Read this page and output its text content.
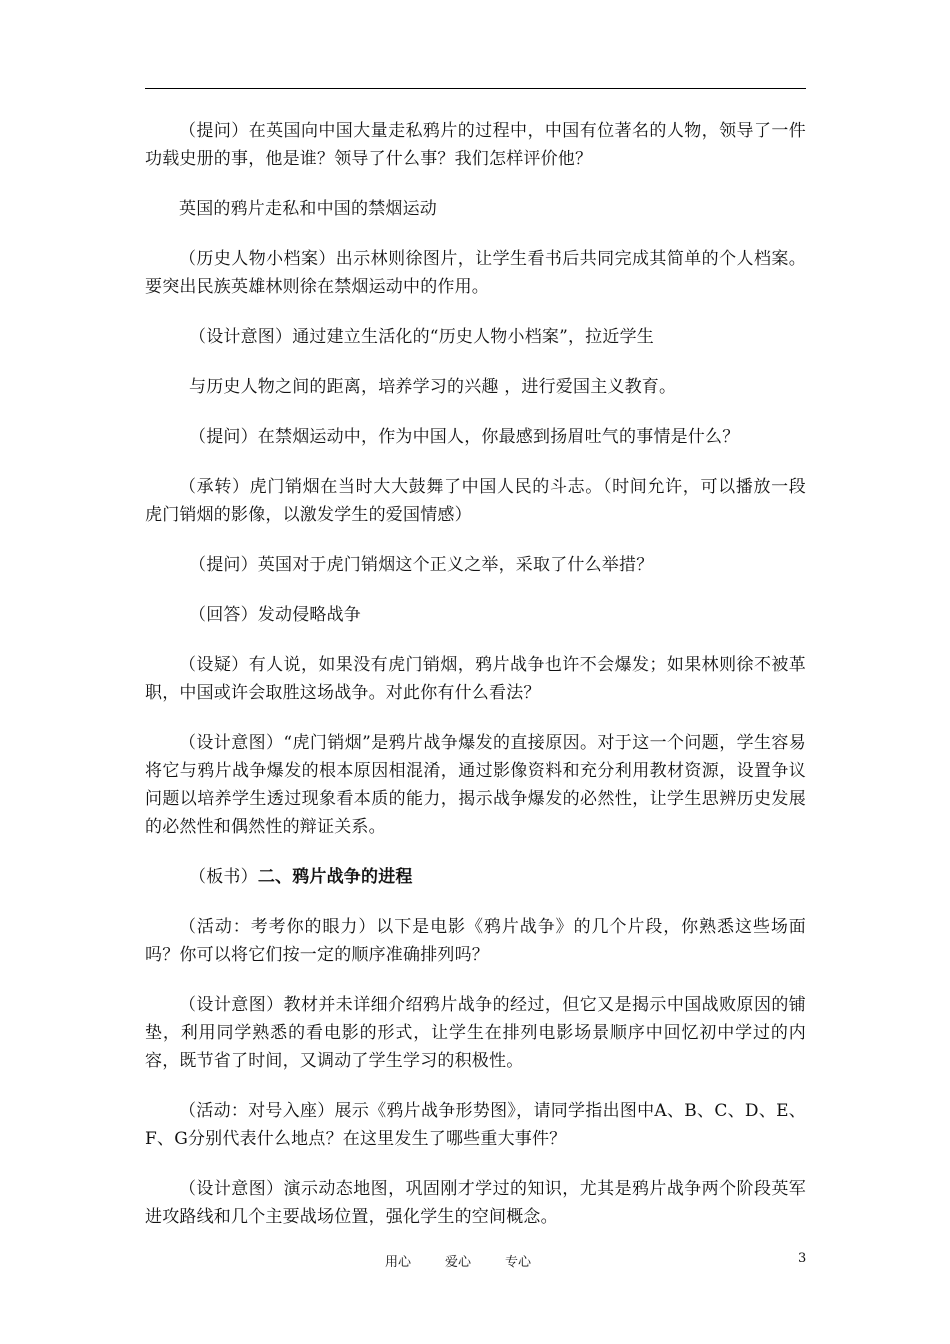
（提问）在英国向中国大量走私鸦片的过程中，中国有位著名的人物，领导了一件功载史册的事，他是谁？领导了什么事？我们怎样评价他？

英国的鸦片走私和中国的禁烟运动

（历史人物小档案）出示林则徐图片，让学生看书后共同完成其简单的个人档案。要突出民族英雄林则徐在禁烟运动中的作用。

（设计意图）通过建立生活化的“历史人物小档案”，拉近学生

与历史人物之间的距离，培养学习的兴趣 ，进行爱国主义教育。

（提问）在禁烟运动中，作为中国人，你最感到扬眉吐气的事情是什么？

（承转）虎门销烟在当时大大鼓舞了中国人民的斗志。（时间允许，可以播放一段虎门销烟的影像，以激发学生的爱国情感）

（提问）英国对于虎门销烟这个正义之举，采取了什么举措？

（回答）发动侵略战争

（设疑）有人说，如果没有虎门销烟，鸦片战争也许不会爆发；如果林则徐不被革职，中国或许会取胜这场战争。对此你有什么看法？

（设计意图）“虎门销烟”是鸦片战争爆发的直接原因。对于这一个问题，学生容易将它与鸦片战争爆发的根本原因相混淆，通过影像资料和充分利用教材资源，设置争议问题以培养学生透过现象看本质的能力，揭示战争爆发的必然性，让学生思辨历史发展的必然性和偶然性的辩证关系。

（板书）二、鸦片战争的进程

（活动：考考你的眼力）以下是电影《鸦片战争》的几个片段，你熟悉这些场面吗？你可以将它们按一定的顺序准确排列吗？

（设计意图）教材并未详细介绍鸦片战争的经过，但它又是揭示中国战败原因的铺垫，利用同学熟悉的看电影的形式，让学生在排列电影场景顺序中回忆初中学过的内容，既节省了时间，又调动了学生学习的积极性。

（活动：对号入座）展示《鸦片战争形势图》，请同学指出图中A、B、C、D、E、F、G分别代表什么地点？在这里发生了哪些重大事件？

（设计意图）演示动态地图，巩固刚才学过的知识，尤其是鸦片战争两个阶段英军进攻路线和几个主要战场位置，强化学生的空间概念。

用心	爱心	专心	3
